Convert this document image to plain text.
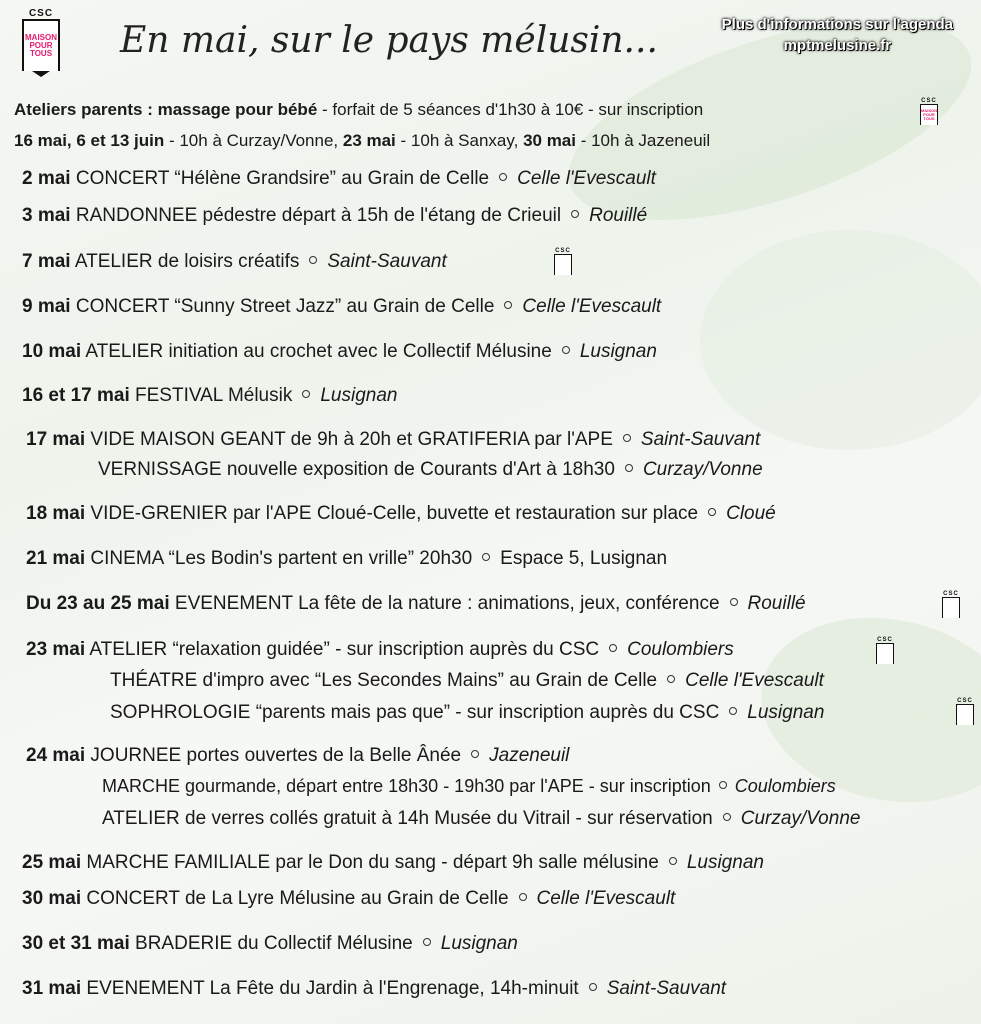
CSC
MAISON
POUR
TOUS En mai, sur le pays mélusin...	Plus d'informations sur l'agenda
mptmelusine.fr
Ateliers parents : massage pour bébé - forfait de 5 séances d'1h30 à 10€ - sur inscription
16 mai, 6 et 13 juin - 10h à Curzay/Vonne, 23 mai - 10h à Sanxay, 30 mai - 10h à Jazeneuil
CSC
MAISON
POUR
TOUS
2 mai CONCERT “Hélène Grandsire” au Grain de Celle Celle l'Evescault
3 mai RANDONNEE pédestre départ à 15h de l'étang de Crieuil Rouillé
7 mai ATELIER de loisirs créatifs Saint-Sauvant	CSC
9 mai CONCERT “Sunny Street Jazz” au Grain de Celle Celle l'Evescault
10 mai ATELIER initiation au crochet avec le Collectif Mélusine Lusignan
16 et 17 mai FESTIVAL Mélusik Lusignan
17 mai VIDE MAISON GEANT de 9h à 20h et GRATIFERIA par l'APE Saint-Sauvant
VERNISSAGE nouvelle exposition de Courants d'Art à 18h30 Curzay/Vonne
18 mai VIDE-GRENIER par l'APE Cloué-Celle, buvette et restauration sur place Cloué
21 mai CINEMA “Les Bodin's partent en vrille” 20h30 Espace 5, Lusignan
Du 23 au 25 mai EVENEMENT La fête de la nature : animations, jeux, conférence Rouillé	CSC
23 mai ATELIER “relaxation guidée” - sur inscription auprès du CSC Coulombiers	CSC
THÉATRE d'impro avec “Les Secondes Mains” au Grain de Celle Celle l'Evescault
SOPHROLOGIE “parents mais pas que” - sur inscription auprès du CSC Lusignan
CSC
24 mai JOURNEE portes ouvertes de la Belle Ânée Jazeneuil
MARCHE gourmande, départ entre 18h30 - 19h30 par l'APE - sur inscription Coulombiers
ATELIER de verres collés gratuit à 14h Musée du Vitrail - sur réservation Curzay/Vonne
25 mai MARCHE FAMILIALE par le Don du sang - départ 9h salle mélusine Lusignan
30 mai CONCERT de La Lyre Mélusine au Grain de Celle Celle l'Evescault
30 et 31 mai BRADERIE du Collectif Mélusine Lusignan
31 mai EVENEMENT La Fête du Jardin à l'Engrenage, 14h-minuit Saint-Sauvant
